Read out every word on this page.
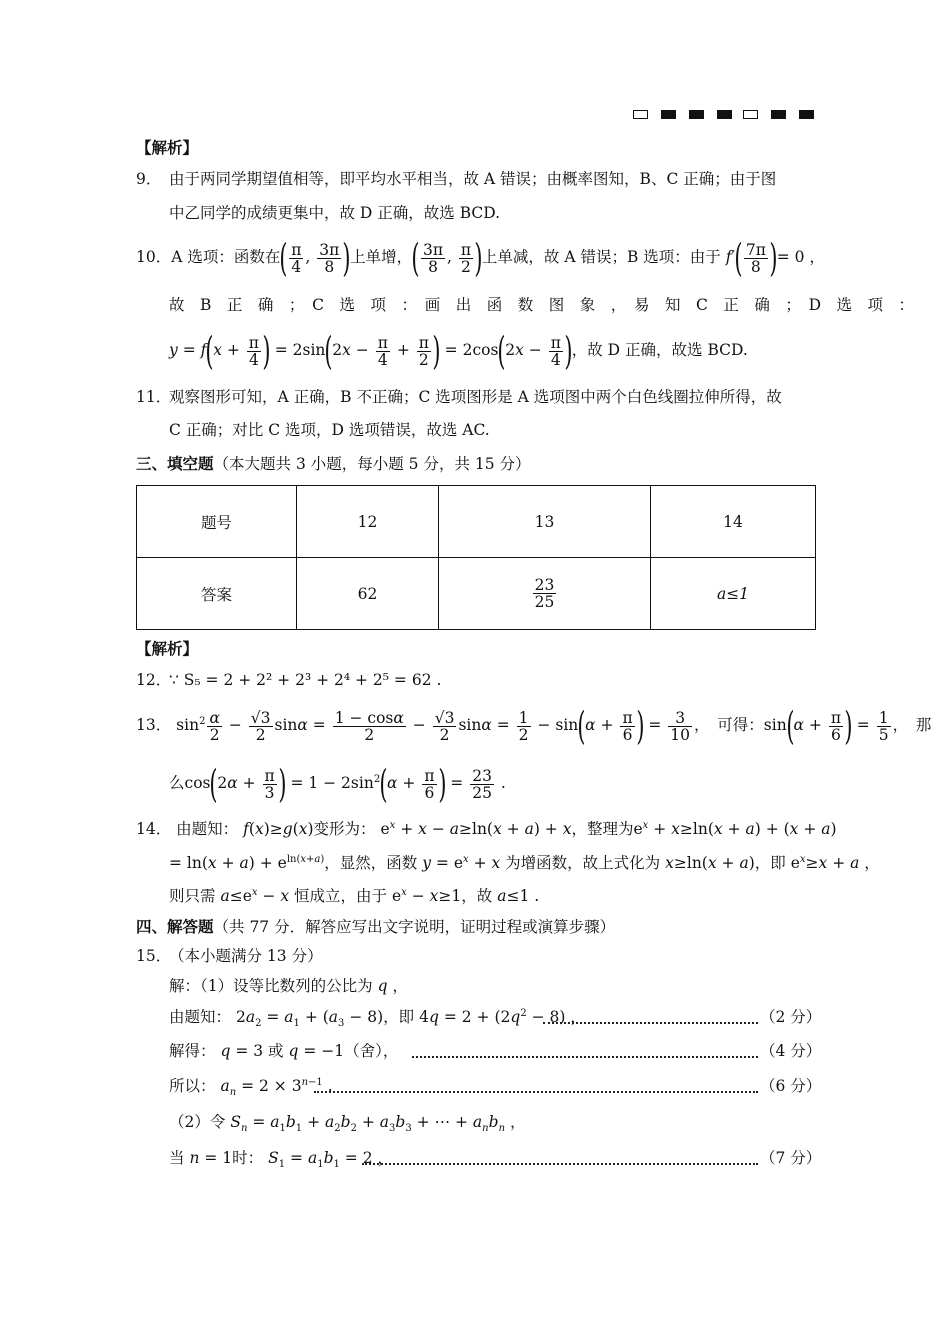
【解析】
9． 由于两同学期望值相等，即平均水平相当，故 A 错误；由概率图知，B、C 正确；由于图
中乙同学的成绩更集中，故 D 正确，故选 BCD.
10．A 选项：函数在( $\frac{\pi}{4}$ , $\frac{3\pi}{8}$ )上单增，( $\frac{3\pi}{8}$ , $\frac{\pi}{2}$ )上单减，故 A 错误；B 选项：由于 $f'( \frac{7\pi}{8}$ )= 0 ，
故　B　正　确　；　C　选　项　：　画　出　函　数　图　象　，　易　知　C　正　确　；　D　选　项　：
$y = f(x + \frac{\pi}{4}$ ) = $2\sin(2x - \frac{\pi}{4} + \frac{\pi}{2}$ ) = $2\cos(2x - \frac{\pi}{4}$ )，故 D 正确，故选 BCD.
11．
观察图形可知，A 正确，B 不正确；C 选项图形是 A 选项图中两个白色线圈拉伸所得，故
C 正确；对比 C 选项，D 选项错误，故选 AC.
三、填空题（本大题共 3 小题，每小题 5 分，共 15 分）
题号	12	13	14
答案	62	$\frac{23}{25}$	a≤1
【解析】
12．
∵ S₅ = 2 + 2² + 2³ + 2⁴ + 2⁵ = 62 .
13． $\sin^2 \frac{\alpha}{2} - \frac{√3}{2}$ $\sin\alpha = \frac{1 - \cos\alpha}{2} - \frac{√3}{2}$ $\sin\alpha = \frac{1}{2} - \sin(\alpha + \frac{\pi}{6}$ ) = $\frac{3}{10}$ ，　可得：$\sin(\alpha + \frac{\pi}{6}$ ) = $\frac{1}{5}$ ，　那
么$\cos(2\alpha + \frac{\pi}{3}$ ) = $1 - 2\sin^2(\alpha + \frac{\pi}{6}$ ) = $\frac{23}{25}$ .
14． 由题知： f(x)≥g(x)变形为： $e^x + x - a\ge\ln(x + a) + x$，整理为$e^x + x\ge\ln(x + a) + (x + a)$
= $\ln(x + a) + e^{ln(x+a)}$，显然，函数 $y = e^x + x$ 为增函数，故上式化为 x≥ln(x + a)，即 $e^x\ge x + a$ ，
则只需 $a\le e^x - x$ 恒成立，由于 $e^x - x\ge 1$，故 a≤1 .
四、解答题（共 77 分．解答应写出文字说明，证明过程或演算步骤）
15．
（本小题满分 13 分）
解：（1）设等比数列的公比为 q ，
由题知： $2a_2 = a_1 + (a_3 - 8)$，即 $4q = 2 + (2q^2 - 8)$ ，	（2 分）
解得： q = 3 或 q = −1（舍），	（4 分）
所以： $a_n = 2 \times 3^{n-1}$ .	（6 分）
（2）令 $S_n = a_1b_1 + a_2b_2 + a_3b_3$ + ⋯ + $a_nb_n$ ，
当 n = 1时： $S_1 = a_1b_1 = 2$ ，	（7 分）
